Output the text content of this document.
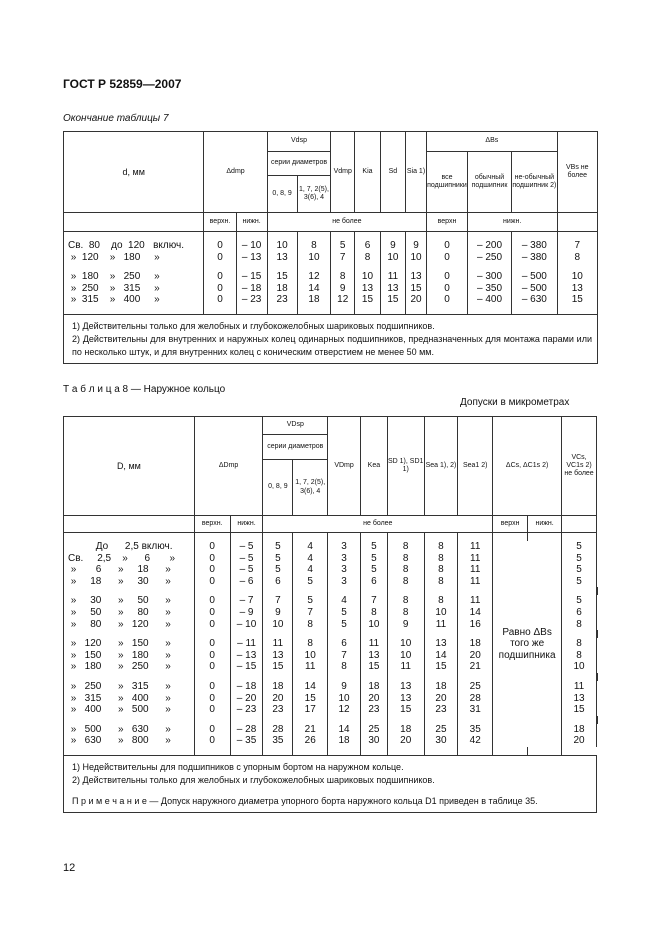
ГОСТ Р 52859—2007
Окончание таблицы 7
d, мм	Δdmp		Vdsp		Vdmp	Kia	Sd	Sia 1)	ΔBs			VBs не более
			серии диаметров						все подшипники	обычный подшипник	не-обычный подшипник 2)	
			0, 8, 9	1, 7, 2(5), 3(6), 4								
	верхн.	нижн.	не более						верхн	нижн.		

Св.  80    до  120   включ.	0	– 10	10	8	5	6	9	9	0	– 200	– 380	7
»  120    »   180     »	0	– 13	13	10	7	8	10	10	0	– 250	– 380	8

»  180    »   250     »	0	– 15	15	12	8	10	11	13	0	– 300	– 500	10
»  250    »   315     »	0	– 18	18	14	9	13	13	15	0	– 350	– 500	13
»  315    »   400     »	0	– 23	23	18	12	15	15	20	0	– 400	– 630	15

1) Действительны только для желобных и глубокожелобных шариковых подшипников.

2) Действительны для внутренних и наружных колец одинарных подшипников, предназначенных для монтажа парами или по несколько штук, и для внутренних колец с коническим отверстием не менее 50 мм.												

Т а б л и ц а 8 — Наружное кольцо
Допуски в микрометрах
D, мм	ΔDmp		VDsp		VDmp	Kea	SD 1), SD1 1)	Sea 1), 2)	Sea1 2)	ΔCs, ΔC1s 2)		VCs, VC1s 2) не более	
			серии диаметров										
			0, 8, 9	1, 7, 2(5), 3(6), 4									
	верхн.	нижн.	не более							верхн	нижн.		

До      2,5 включ.	0	– 5	5	4	3	5	8	8	11	Равно ΔBs того же подшипника		5	
Св.     2,5    »      6       »	0	– 5	5	4	3	5	8	8	11			5	
»       6      »     18      »	0	– 5	5	4	3	5	8	8	11			5	
»     18      »     30      »	0	– 6	6	5	3	6	8	8	11			5	

»     30      »     50      »	0	– 7	7	5	4	7	8	8	11			5	
»     50      »     80      »	0	– 9	9	7	5	8	8	10	14			6	
»     80      »   120      »	0	– 10	10	8	5	10	9	11	16			8	

»   120      »   150      »	0	– 11	11	8	6	11	10	13	18			8	
»   150      »   180      »	0	– 13	13	10	7	13	10	14	20			8	
»   180      »   250      »	0	– 15	15	11	8	15	11	15	21			10	

»   250      »   315      »	0	– 18	18	14	9	18	13	18	25			11	
»   315      »   400      »	0	– 20	20	15	10	20	13	20	28			13	
»   400      »   500      »	0	– 23	23	17	12	23	15	23	31			15	

»   500      »   630      »	0	– 28	28	21	14	25	18	25	35			18	
»   630      »   800      »	0	– 35	35	26	18	30	20	30	42			20	

1) Недействительны для подшипников с упорным бортом на наружном кольце.

2) Действительны только для желобных и глубокожелобных шариковых подшипников.

П р и м е ч а н и е — Допуск наружного диаметра упорного борта наружного кольца D1 приведен в таблице 35.													

12
